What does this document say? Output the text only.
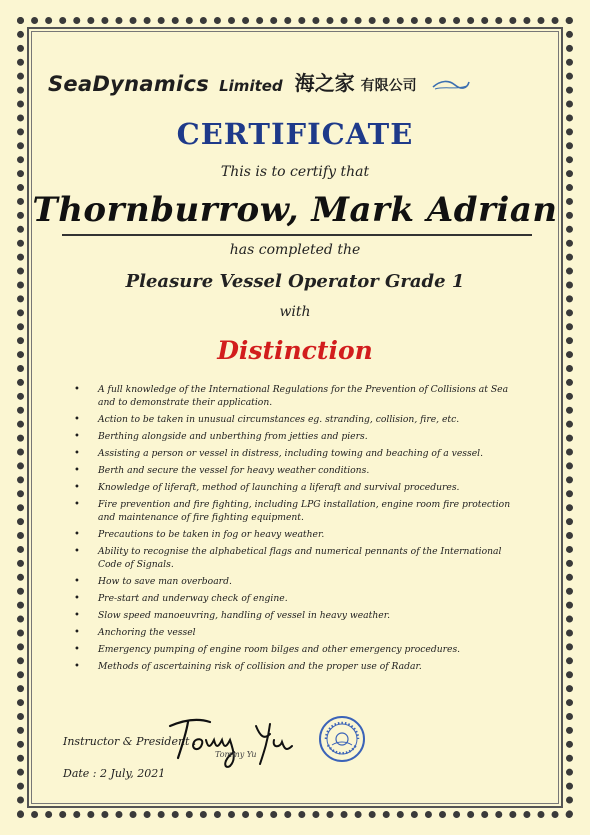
SeaDynamics Limited 海之家 有限公司
CERTIFICATE
This is to certify that
Thornburrow, Mark Adrian
has completed the
Pleasure Vessel Operator Grade 1
with
Distinction
• A full knowledge of the International Regulations for the Prevention of Collisions at Sea and to demonstrate their application.
• Action to be taken in unusual circumstances eg. stranding, collision, fire, etc.
• Berthing alongside and unberthing from jetties and piers.
• Assisting a person or vessel in distress, including towing and beaching of a vessel.
• Berth and secure the vessel for heavy weather conditions.
• Knowledge of liferaft, method of launching a liferaft and survival procedures.
• Fire prevention and fire fighting, including LPG installation, engine room fire protection and maintenance of fire fighting equipment.
• Precautions to be taken in fog or heavy weather.
• Ability to recognise the alphabetical flags and numerical pennants of the International Code of Signals.
• How to save man overboard.
• Pre-start and underway check of engine.
• Slow speed manoeuvring, handling of vessel in heavy weather.
• Anchoring the vessel
• Emergency pumping of engine room bilges and other emergency procedures.
• Methods of ascertaining risk of collision and the proper use of Radar.
Instructor & President :
Tommy Yu
Date : 2 July, 2021
